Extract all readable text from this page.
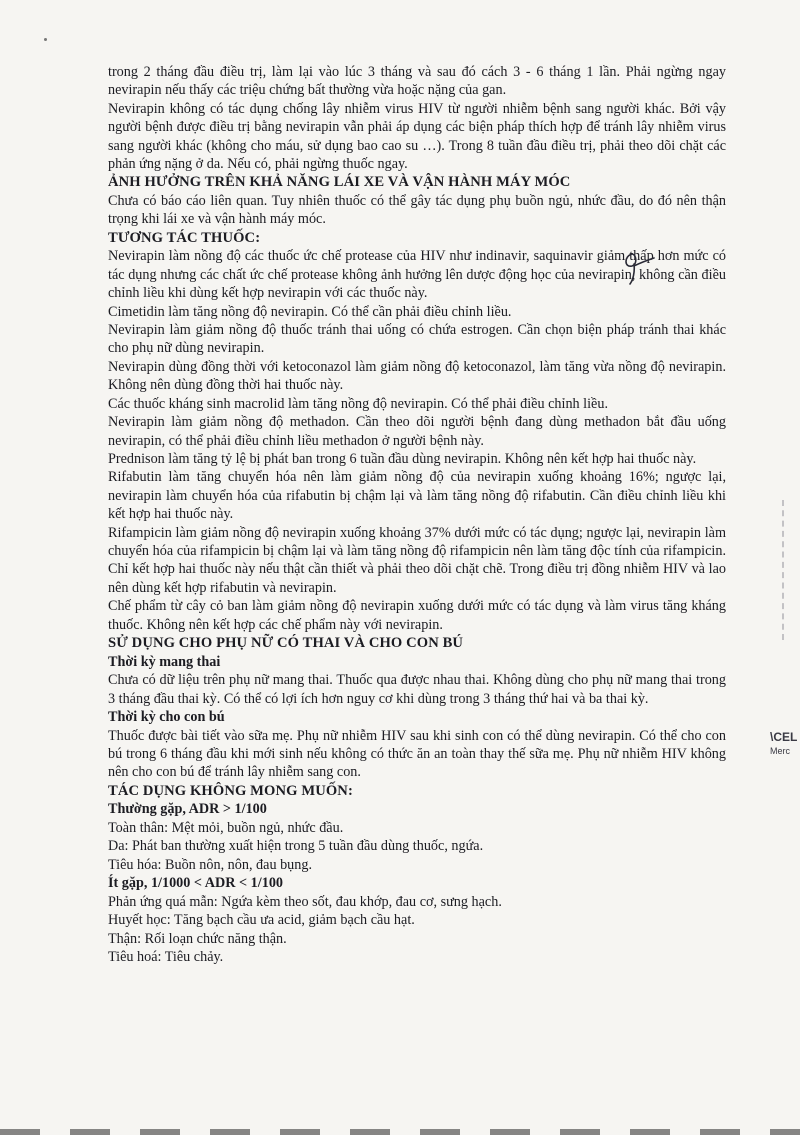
trong 2 tháng đầu điều trị, làm lại vào lúc 3 tháng và sau đó cách 3 - 6 tháng 1 lần. Phải ngừng ngay nevirapin nếu thấy các triệu chứng bất thường vừa hoặc nặng của gan.

Nevirapin không có tác dụng chống lây nhiễm virus HIV từ người nhiễm bệnh sang người khác. Bởi vậy người bệnh được điều trị bằng nevirapin vẫn phải áp dụng các biện pháp thích hợp để tránh lây nhiễm virus sang người khác (không cho máu, sử dụng bao cao su …). Trong 8 tuần đầu điều trị, phải theo dõi chặt các phản ứng nặng ở da. Nếu có, phải ngừng thuốc ngay.

ẢNH HƯỞNG TRÊN KHẢ NĂNG LÁI XE VÀ VẬN HÀNH MÁY MÓC

Chưa có báo cáo liên quan. Tuy nhiên thuốc có thể gây tác dụng phụ buồn ngủ, nhức đầu, do đó nên thận trọng khi lái xe và vận hành máy móc.

TƯƠNG TÁC THUỐC:

Nevirapin làm nồng độ các thuốc ức chế protease của HIV như indinavir, saquinavir giảm thấp hơn mức có tác dụng nhưng các chất ức chế protease không ảnh hưởng lên dược động học của nevirapin, không cần điều chỉnh liều khi dùng kết hợp nevirapin với các thuốc này.

Cimetidin làm tăng nồng độ nevirapin. Có thể cần phải điều chỉnh liều.

Nevirapin làm giảm nồng độ thuốc tránh thai uống có chứa estrogen. Cần chọn biện pháp tránh thai khác cho phụ nữ dùng nevirapin.

Nevirapin dùng đồng thời với ketoconazol làm giảm nồng độ ketoconazol, làm tăng vừa nồng độ nevirapin. Không nên dùng đồng thời hai thuốc này.

Các thuốc kháng sinh macrolid làm tăng nồng độ nevirapin. Có thể phải điều chỉnh liều.

Nevirapin làm giảm nồng độ methadon. Cần theo dõi người bệnh đang dùng methadon bắt đầu uống nevirapin, có thể phải điều chỉnh liều methadon ở người bệnh này.

Prednison làm tăng tỷ lệ bị phát ban trong 6 tuần đầu dùng nevirapin. Không nên kết hợp hai thuốc này.

Rifabutin làm tăng chuyển hóa nên làm giảm nồng độ của nevirapin xuống khoảng 16%; ngược lại, nevirapin làm chuyển hóa của rifabutin bị chậm lại và làm tăng nồng độ rifabutin. Cần điều chỉnh liều khi kết hợp hai thuốc này.

Rifampicin làm giảm nồng độ nevirapin xuống khoảng 37% dưới mức có tác dụng; ngược lại, nevirapin làm chuyển hóa của rifampicin bị chậm lại và làm tăng nồng độ rifampicin nên làm tăng độc tính của rifampicin. Chỉ kết hợp hai thuốc này nếu thật cần thiết và phải theo dõi chặt chẽ. Trong điều trị đồng nhiễm HIV và lao nên dùng kết hợp rifabutin và nevirapin.

Chế phẩm từ cây cỏ ban làm giảm nồng độ nevirapin xuống dưới mức có tác dụng và làm virus tăng kháng thuốc. Không nên kết hợp các chế phẩm này với nevirapin.

SỬ DỤNG CHO PHỤ NỮ CÓ THAI VÀ CHO CON BÚ
Thời kỳ mang thai

Chưa có dữ liệu trên phụ nữ mang thai. Thuốc qua được nhau thai. Không dùng cho phụ nữ mang thai trong 3 tháng đầu thai kỳ. Có thể có lợi ích hơn nguy cơ khi dùng trong 3 tháng thứ hai và ba thai kỳ.

Thời kỳ cho con bú

Thuốc được bài tiết vào sữa mẹ. Phụ nữ nhiễm HIV sau khi sinh con có thể dùng nevirapin. Có thể cho con bú trong 6 tháng đầu khi mới sinh nếu không có thức ăn an toàn thay thế sữa mẹ. Phụ nữ nhiễm HIV không nên cho con bú để tránh lây nhiễm sang con.

TÁC DỤNG KHÔNG MONG MUỐN:
Thường gặp, ADR > 1/100

Toàn thân: Mệt mỏi, buồn ngủ, nhức đầu.

Da: Phát ban thường xuất hiện trong 5 tuần đầu dùng thuốc, ngứa.

Tiêu hóa: Buồn nôn, nôn, đau bụng.

Ít gặp, 1/1000 < ADR < 1/100

Phản ứng quá mẫn: Ngứa kèm theo sốt, đau khớp, đau cơ, sưng hạch.

Huyết học: Tăng bạch cầu ưa acid, giảm bạch cầu hạt.

Thận: Rối loạn chức năng thận.

Tiêu hoá: Tiêu chảy.

\CEL
Merc
